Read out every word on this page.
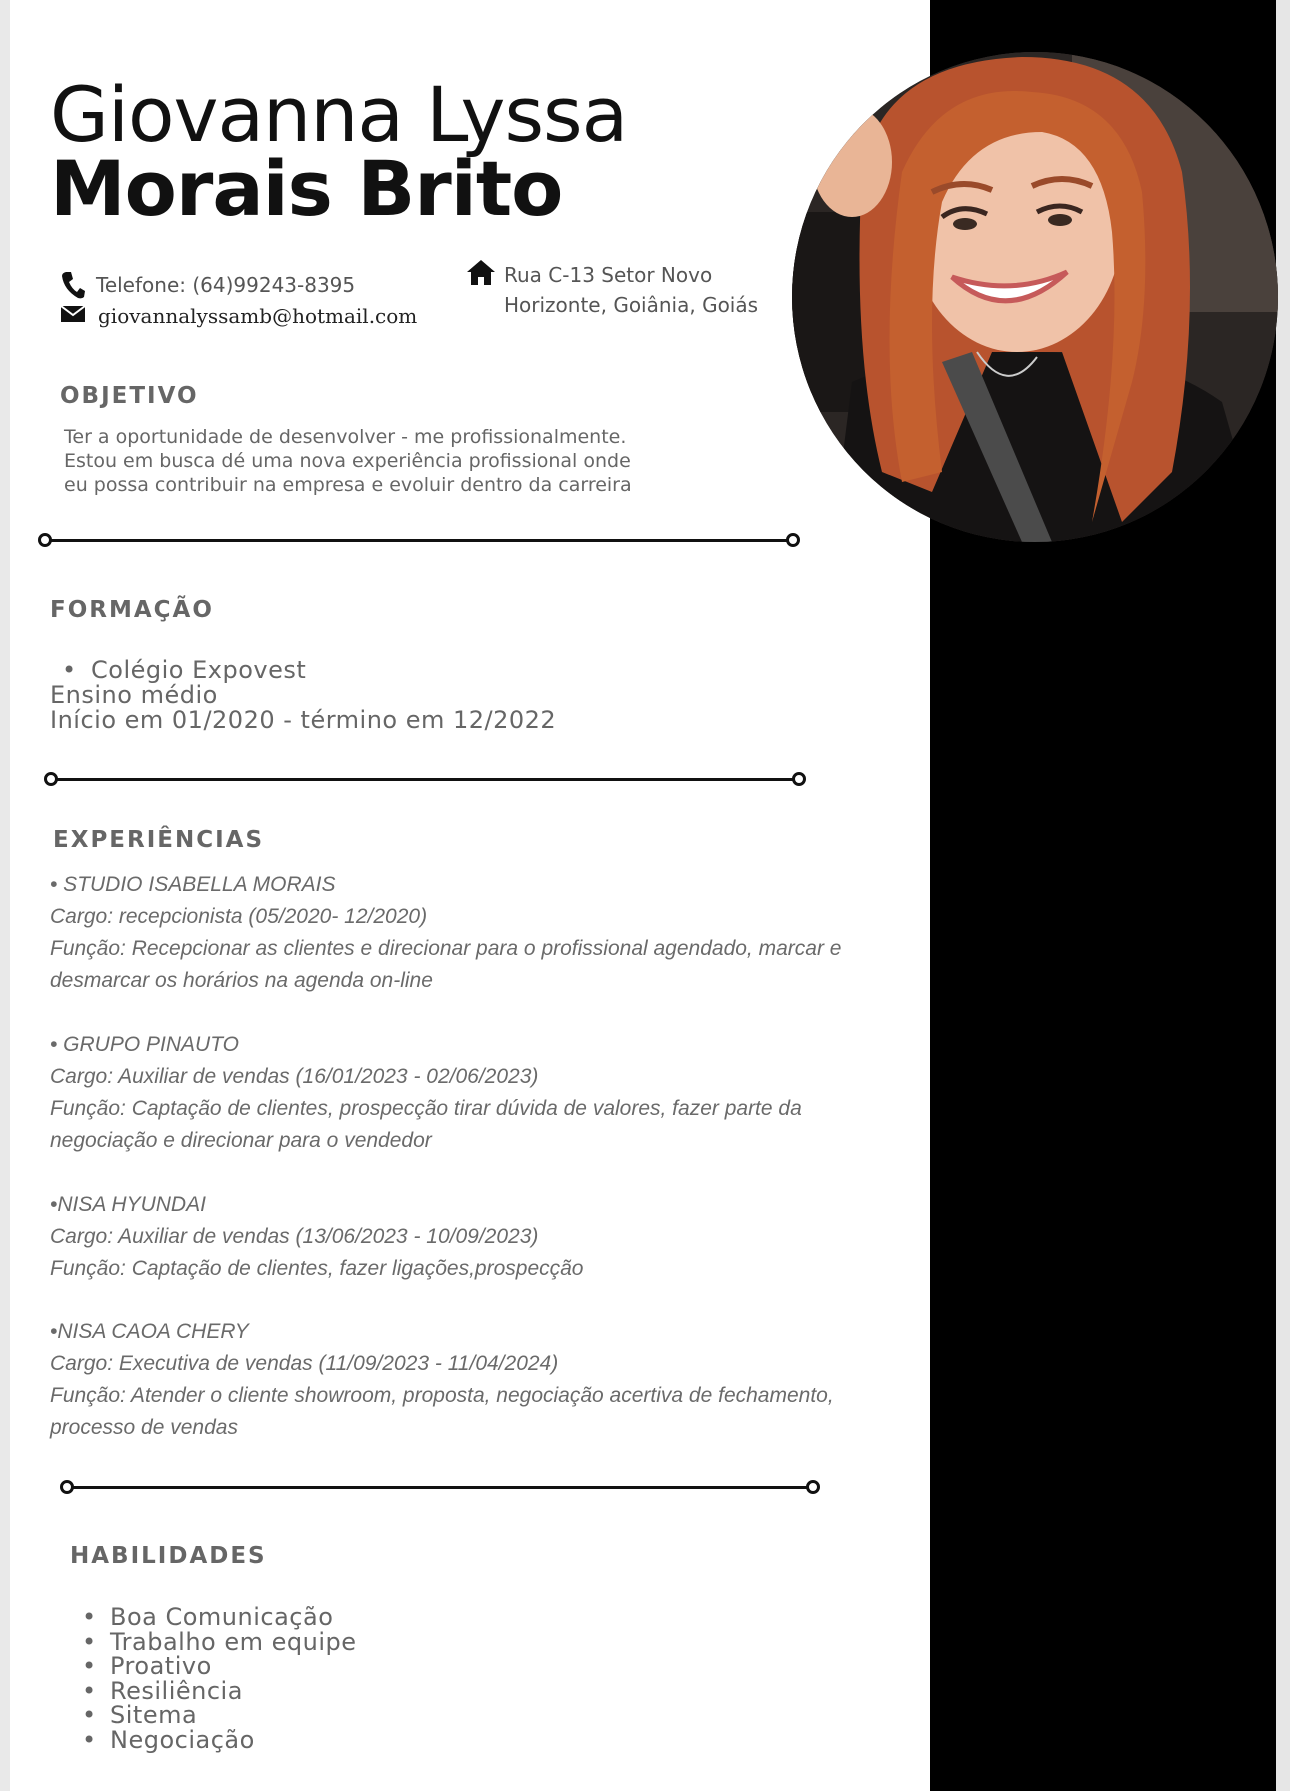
Giovanna Lyssa
Morais Brito
Telefone: (64)99243-8395
giovannalyssamb@hotmail.com
Rua C-13 Setor Novo
Horizonte, Goiânia, Goiás
OBJETIVO
Ter a oportunidade de desenvolver - me profissionalmente.
Estou em busca dé uma nova experiência profissional onde
eu possa contribuir na empresa e evoluir dentro da carreira
FORMAÇÃO
• Colégio Expovest
Ensino médio
Início em 01/2020 - término em 12/2022
EXPERIÊNCIAS
• STUDIO ISABELLA MORAIS
Cargo: recepcionista (05/2020- 12/2020)
Função: Recepcionar as clientes e direcionar para o profissional agendado, marcar e
desmarcar os horários na agenda on-line
• GRUPO PINAUTO
Cargo: Auxiliar de vendas (16/01/2023 - 02/06/2023)
Função: Captação de clientes, prospecção tirar dúvida de valores, fazer parte da
negociação e direcionar para o vendedor
•NISA HYUNDAI
Cargo: Auxiliar de vendas (13/06/2023 - 10/09/2023)
Função: Captação de clientes, fazer ligações,prospecção
•NISA CAOA CHERY
Cargo: Executiva de vendas (11/09/2023 - 11/04/2024)
Função: Atender o cliente showroom, proposta, negociação acertiva de fechamento,
processo de vendas
HABILIDADES
• Boa Comunicação
• Trabalho em equipe
• Proativo
• Resiliência
• Sitema
• Negociação
